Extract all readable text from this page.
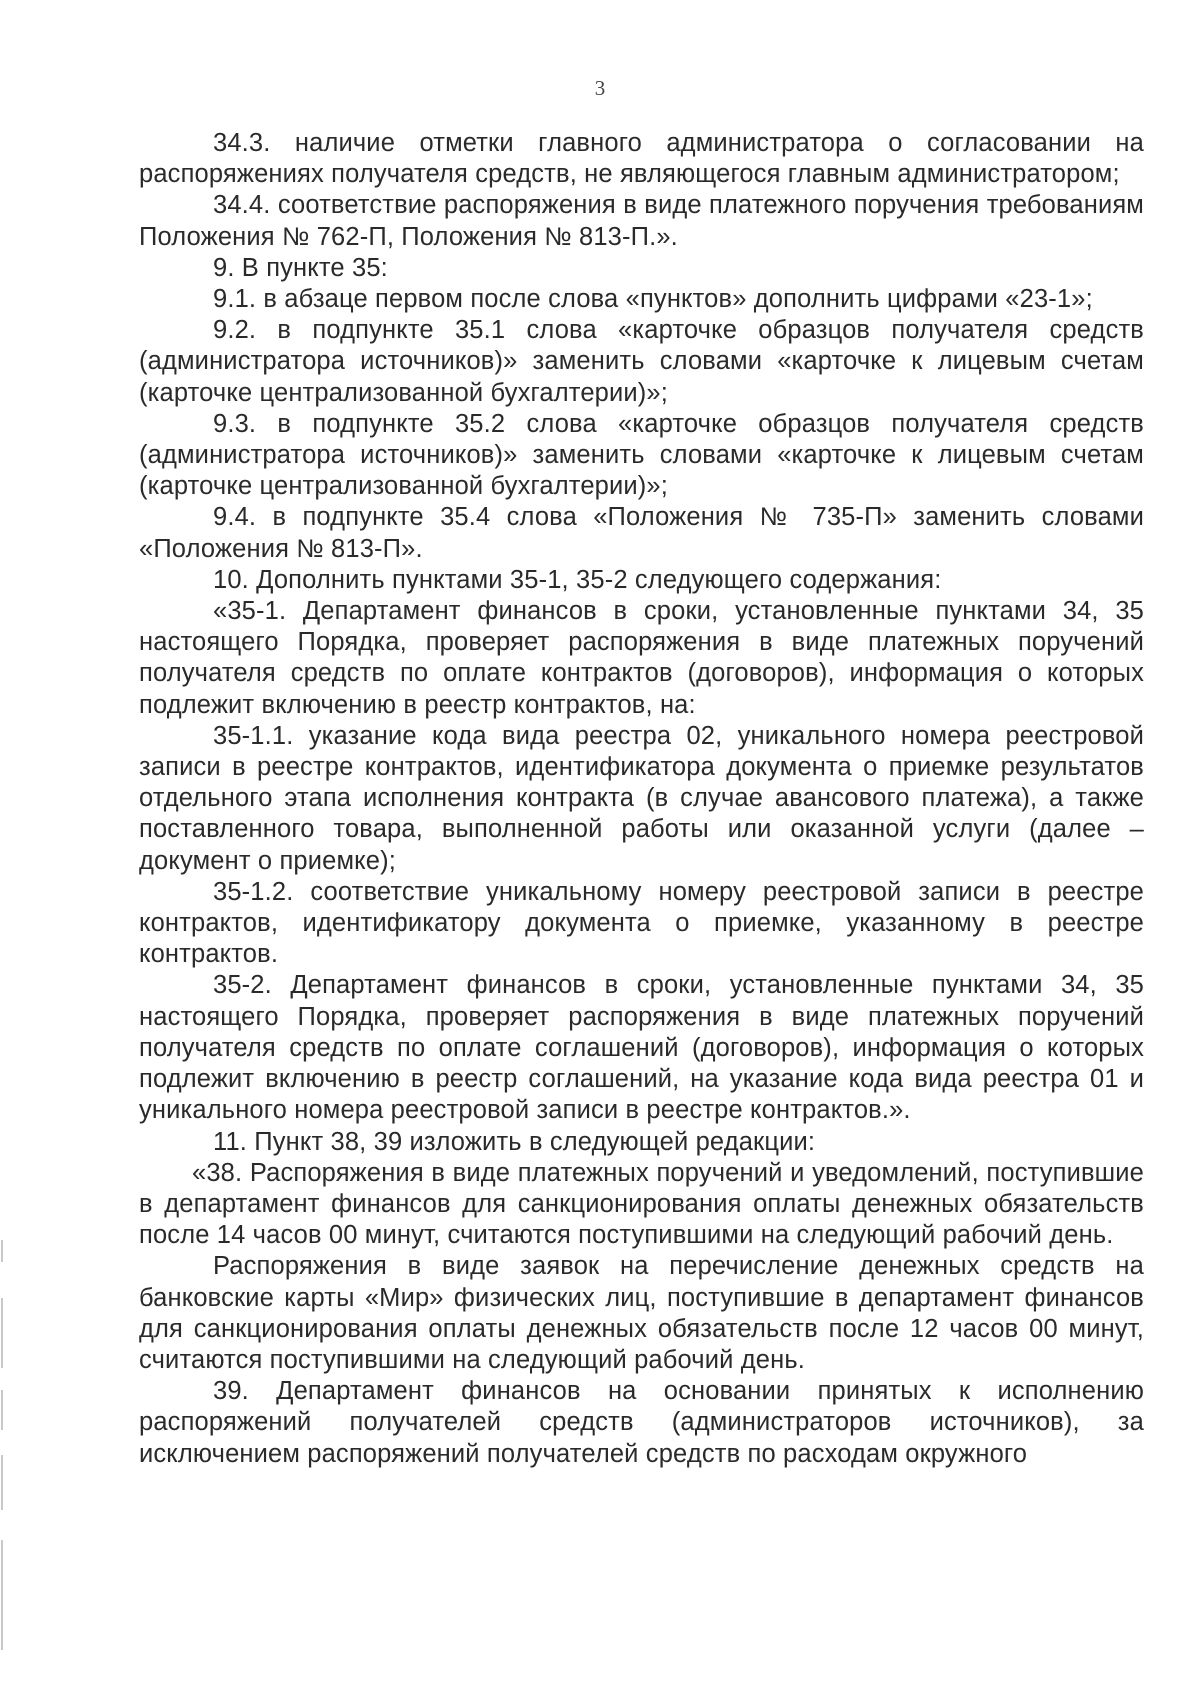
3

34.3. наличие отметки главного администратора о согласовании на распоряжениях получателя средств, не являющегося главным администратором;

34.4. соответствие распоряжения в виде платежного поручения требованиям Положения № 762-П, Положения № 813-П.».

9. В пункте 35:

9.1. в абзаце первом после слова «пунктов» дополнить цифрами «23-1»;

9.2. в подпункте 35.1 слова «карточке образцов получателя средств (администратора источников)» заменить словами «карточке к лицевым счетам (карточке централизованной бухгалтерии)»;

9.3. в подпункте 35.2 слова «карточке образцов получателя средств (администратора источников)» заменить словами «карточке к лицевым счетам (карточке централизованной бухгалтерии)»;

9.4. в подпункте 35.4 слова «Положения № 735-П» заменить словами «Положения № 813-П».

10. Дополнить пунктами 35-1, 35-2 следующего содержания:

«35-1. Департамент финансов в сроки, установленные пунктами 34, 35 настоящего Порядка, проверяет распоряжения в виде платежных поручений получателя средств по оплате контрактов (договоров), информация о которых подлежит включению в реестр контрактов, на:

35-1.1. указание кода вида реестра 02, уникального номера реестровой записи в реестре контрактов, идентификатора документа о приемке результатов отдельного этапа исполнения контракта (в случае авансового платежа), а также поставленного товара, выполненной работы или оказанной услуги (далее – документ о приемке);

35-1.2. соответствие уникальному номеру реестровой записи в реестре контрактов, идентификатору документа о приемке, указанному в реестре контрактов.

35-2. Департамент финансов в сроки, установленные пунктами 34, 35 настоящего Порядка, проверяет распоряжения в виде платежных поручений получателя средств по оплате соглашений (договоров), информация о которых подлежит включению в реестр соглашений, на указание кода вида реестра 01 и уникального номера реестровой записи в реестре контрактов.».

11. Пункт 38, 39 изложить в следующей редакции:

«38. Распоряжения в виде платежных поручений и уведомлений, поступившие в департамент финансов для санкционирования оплаты денежных обязательств после 14 часов 00 минут, считаются поступившими на следующий рабочий день.

Распоряжения в виде заявок на перечисление денежных средств на банковские карты «Мир» физических лиц, поступившие в департамент финансов для санкционирования оплаты денежных обязательств после 12 часов 00 минут, считаются поступившими на следующий рабочий день.

39. Департамент финансов на основании принятых к исполнению распоряжений получателей средств (администраторов источников), за исключением распоряжений получателей средств по расходам окружного
